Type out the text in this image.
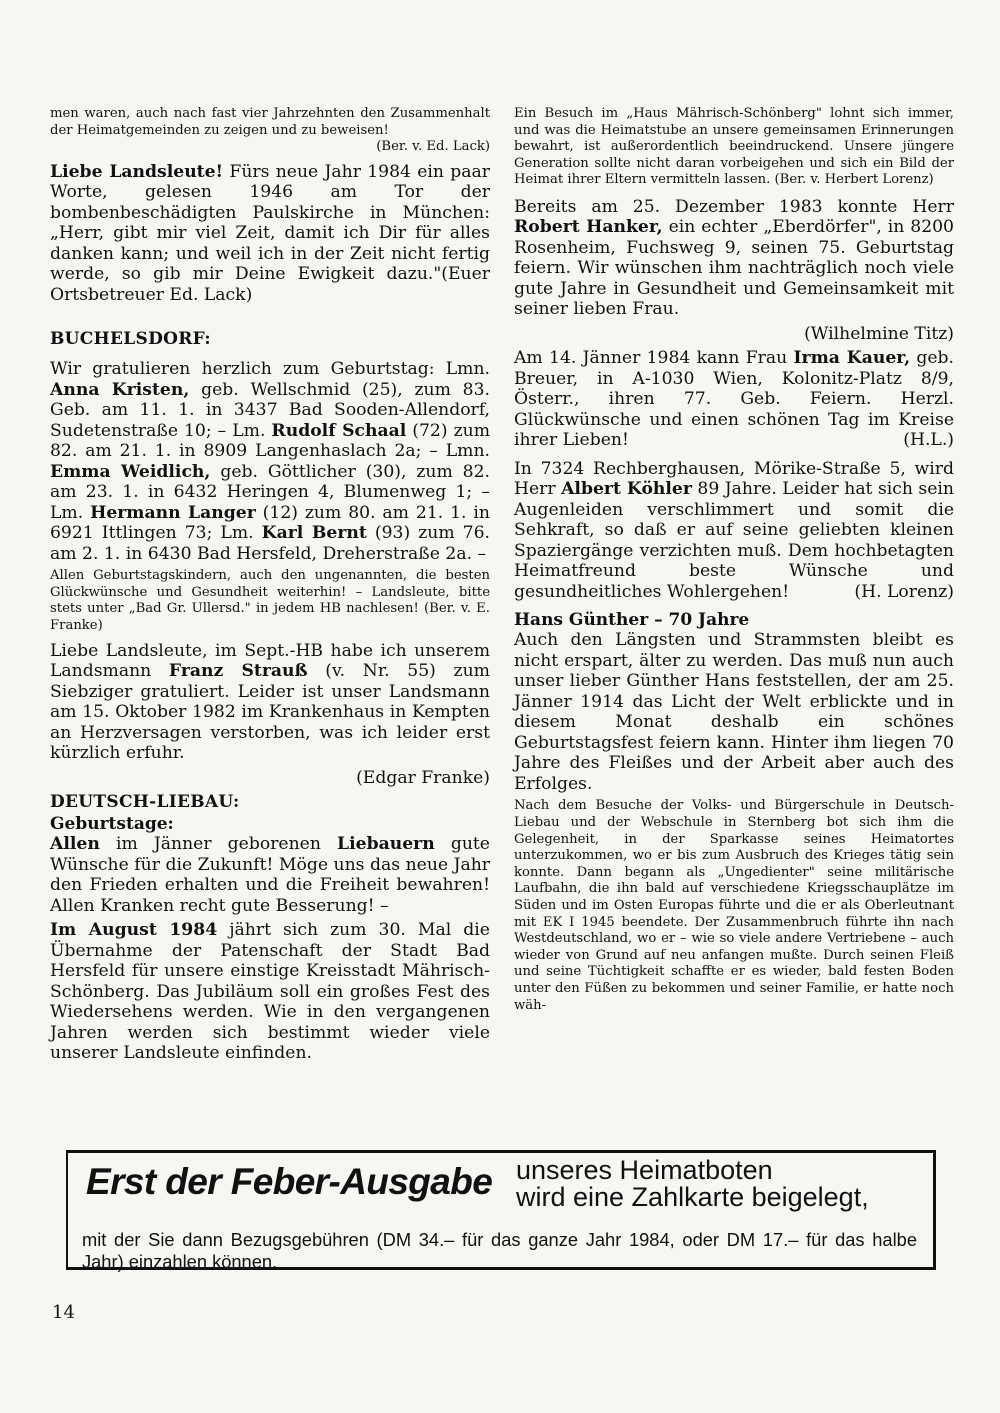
men waren, auch nach fast vier Jahrzehnten den Zusammenhalt der Heimatgemeinden zu zeigen und zu beweisen!

(Ber. v. Ed. Lack)

Liebe Landsleute! Fürs neue Jahr 1984 ein paar Worte, gelesen 1946 am Tor der bombenbeschädigten Paulskirche in München: „Herr, gibt mir viel Zeit, damit ich Dir für alles danken kann; und weil ich in der Zeit nicht fertig werde, so gib mir Deine Ewigkeit dazu."(Euer Ortsbetreuer Ed. Lack)

BUCHELSDORF:

Wir gratulieren herzlich zum Geburtstag: Lmn. Anna Kristen, geb. Wellschmid (25), zum 83. Geb. am 11. 1. in 3437 Bad Sooden-Allendorf, Sudetenstraße 10; – Lm. Rudolf Schaal (72) zum 82. am 21. 1. in 8909 Langenhaslach 2a; – Lmn. Emma Weidlich, geb. Göttlicher (30), zum 82. am 23. 1. in 6432 Heringen 4, Blumenweg 1; – Lm. Hermann Langer (12) zum 80. am 21. 1. in 6921 Ittlingen 73; Lm. Karl Bernt (93) zum 76. am 2. 1. in 6430 Bad Hersfeld, Dreherstraße 2a. –

Allen Geburtstagskindern, auch den ungenannten, die besten Glückwünsche und Gesundheit weiterhin! – Landsleute, bitte stets unter „Bad Gr. Ullersd." in jedem HB nachlesen! (Ber. v. E. Franke)

Liebe Landsleute, im Sept.-HB habe ich unserem Landsmann Franz Strauß (v. Nr. 55) zum Siebziger gratuliert. Leider ist unser Landsmann am 15. Oktober 1982 im Krankenhaus in Kempten an Herzversagen verstorben, was ich leider erst kürzlich erfuhr.

(Edgar Franke)

DEUTSCH-LIEBAU:
Geburtstage:

Allen im Jänner geborenen Liebauern gute Wünsche für die Zukunft! Möge uns das neue Jahr den Frieden erhalten und die Freiheit bewahren! Allen Kranken recht gute Besserung! –

Im August 1984 jährt sich zum 30. Mal die Übernahme der Patenschaft der Stadt Bad Hersfeld für unsere einstige Kreisstadt Mährisch-Schönberg. Das Jubiläum soll ein großes Fest des Wiedersehens werden. Wie in den vergangenen Jahren werden sich bestimmt wieder viele unserer Landsleute einfinden.

Ein Besuch im „Haus Mährisch-Schönberg" lohnt sich immer, und was die Heimatstube an unsere gemeinsamen Erinnerungen bewahrt, ist außerordentlich beeindruckend. Unsere jüngere Generation sollte nicht daran vorbeigehen und sich ein Bild der Heimat ihrer Eltern vermitteln lassen. (Ber. v. Herbert Lorenz)

Bereits am 25. Dezember 1983 konnte Herr Robert Hanker, ein echter „Eberdörfer", in 8200 Rosenheim, Fuchsweg 9, seinen 75. Geburtstag feiern. Wir wünschen ihm nachträglich noch viele gute Jahre in Gesundheit und Gemeinsamkeit mit seiner lieben Frau.

(Wilhelmine Titz)

Am 14. Jänner 1984 kann Frau Irma Kauer, geb. Breuer, in A-1030 Wien, Kolonitz-Platz 8/9, Österr., ihren 77. Geb. Feiern. Herzl. Glückwünsche und einen schönen Tag im Kreise ihrer Lieben!	(H.L.)

In 7324 Rechberghausen, Mörike-Straße 5, wird Herr Albert Köhler 89 Jahre. Leider hat sich sein Augenleiden verschlimmert und somit die Sehkraft, so daß er auf seine geliebten kleinen Spaziergänge verzichten muß. Dem hochbetagten Heimatfreund beste Wünsche und gesundheitliches Wohlergehen!	(H. Lorenz)

Hans Günther – 70 Jahre

Auch den Längsten und Strammsten bleibt es nicht erspart, älter zu werden. Das muß nun auch unser lieber Günther Hans feststellen, der am 25. Jänner 1914 das Licht der Welt erblickte und in diesem Monat deshalb ein schönes Geburtstagsfest feiern kann. Hinter ihm liegen 70 Jahre des Fleißes und der Arbeit aber auch des Erfolges.

Nach dem Besuche der Volks- und Bürgerschule in Deutsch-Liebau und der Webschule in Sternberg bot sich ihm die Gelegenheit, in der Sparkasse seines Heimatortes unterzukommen, wo er bis zum Ausbruch des Krieges tätig sein konnte. Dann begann als „Ungedienter" seine militärische Laufbahn, die ihn bald auf verschiedene Kriegsschauplätze im Süden und im Osten Europas führte und die er als Oberleutnant mit EK I 1945 beendete. Der Zusammenbruch führte ihn nach Westdeutschland, wo er – wie so viele andere Vertriebene – auch wieder von Grund auf neu anfangen mußte. Durch seinen Fleiß und seine Tüchtigkeit schaffte er es wieder, bald festen Boden unter den Füßen zu bekommen und seiner Familie, er hatte noch wäh-

Erst der Feber-Ausgabe unseres Heimatboten
wird eine Zahlkarte beigelegt,
mit der Sie dann Bezugsgebühren (DM 34.– für das ganze Jahr 1984, oder DM 17.– für das halbe Jahr) einzahlen können.
14
